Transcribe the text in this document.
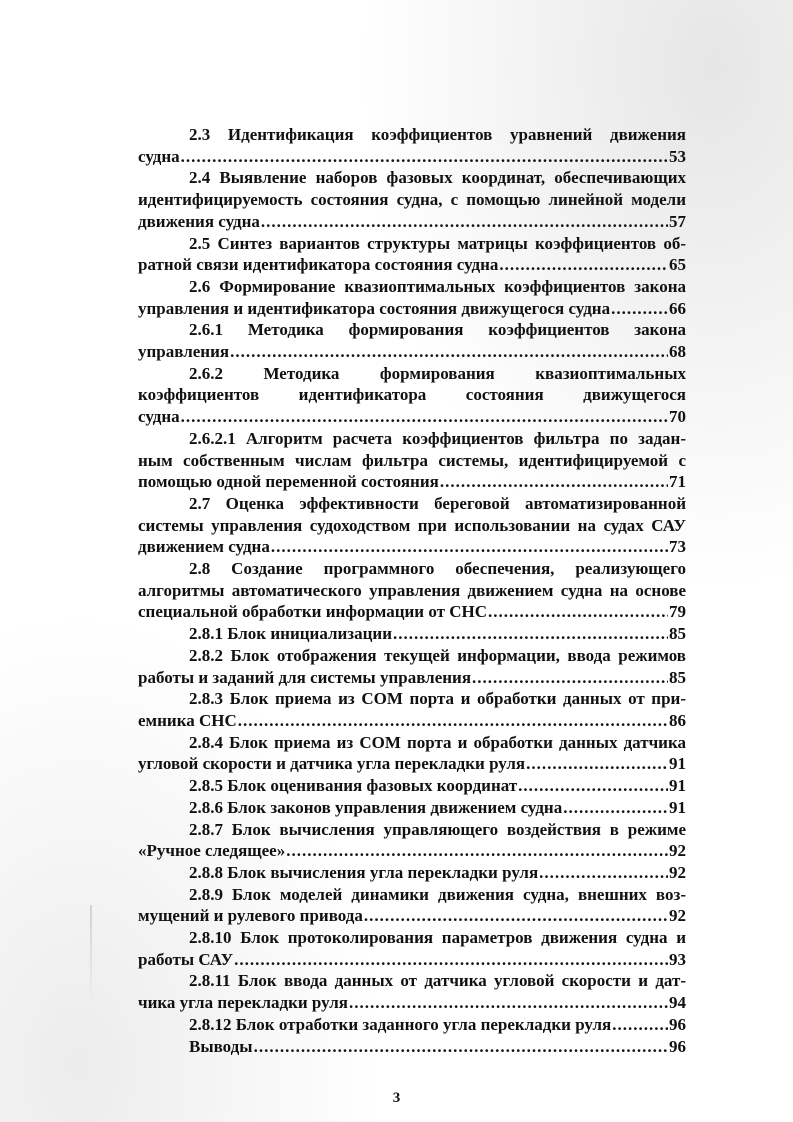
2.3 Идентификация коэффициентов уравнений движения
судна .....	53
2.4 Выявление наборов фазовых координат, обеспечивающих
идентифицируемость состояния судна, с помощью линейной модели
движения судна .....	57
2.5 Синтез вариантов структуры матрицы коэффициентов об-
ратной связи идентификатора состояния судна .....	65
2.6 Формирование квазиоптимальных коэффициентов закона
управления и идентификатора состояния движущегося судна .....	66
2.6.1 Методика формирования коэффициентов закона
управления .....	68
2.6.2 Методика формирования квазиоптимальных
коэффициентов идентификатора состояния движущегося
судна .....	70
2.6.2.1 Алгоритм расчета коэффициентов фильтра по задан-
ным собственным числам фильтра системы, идентифицируемой с
помощью одной переменной состояния .....	71
2.7 Оценка эффективности береговой автоматизированной
системы управления судоходством при использовании на судах САУ
движением судна .....	73
2.8 Создание программного обеспечения, реализующего
алгоритмы автоматического управления движением судна на основе
специальной обработки информации от СНС .....	79
2.8.1 Блок инициализации .....	85
2.8.2 Блок отображения текущей информации, ввода режимов
работы и заданий для системы управления .....	85
2.8.3 Блок приема из СОМ порта и обработки данных от при-
емника СНС .....	86
2.8.4 Блок приема из СОМ порта и обработки данных датчика
угловой скорости и датчика угла перекладки руля .....	91
2.8.5 Блок оценивания фазовых координат .....	91
2.8.6 Блок законов управления движением судна .....	91
2.8.7 Блок вычисления управляющего воздействия в режиме
«Ручное следящее» .....	92
2.8.8 Блок вычисления угла перекладки руля .....	92
2.8.9 Блок моделей динамики движения судна, внешних воз-
мущений и рулевого привода .....	92
2.8.10 Блок протоколирования параметров движения судна и
работы САУ .....	93
2.8.11 Блок ввода данных от датчика угловой скорости и дат-
чика угла перекладки руля .....	94
2.8.12 Блок отработки заданного угла перекладки руля .....	96
Выводы .....	96
3
